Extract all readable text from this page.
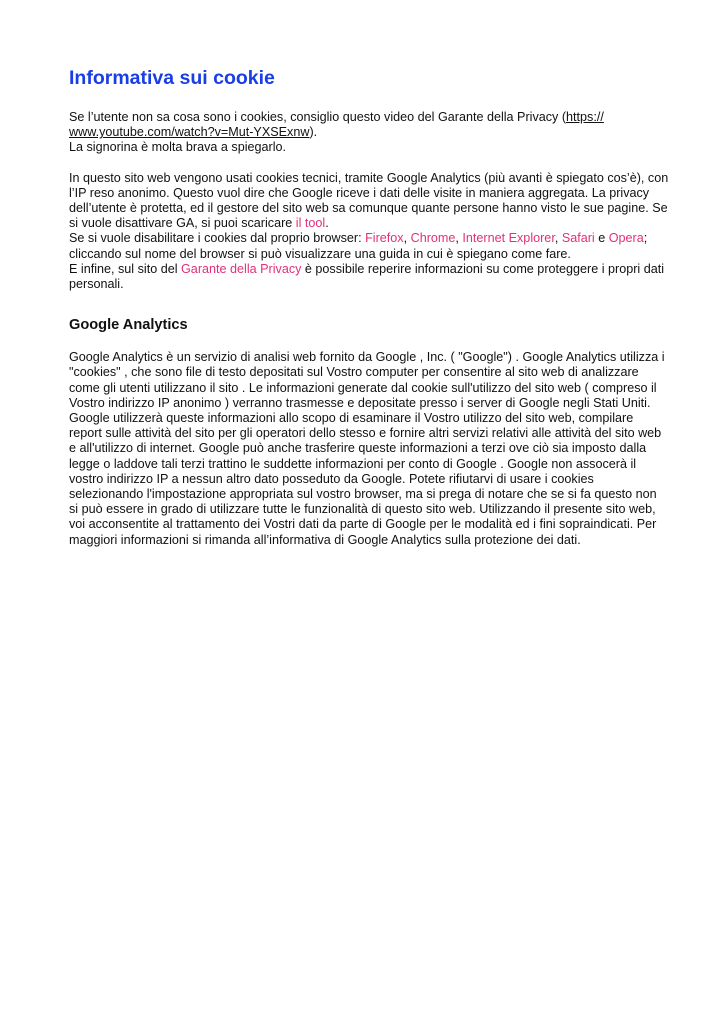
Informativa sui cookie

Se l’utente non sa cosa sono i cookies, consiglio questo video del Garante della Privacy (https:// www.youtube.com/watch?v=Mut-YXSExnw).
La signorina è molta brava a spiegarlo.

In questo sito web vengono usati cookies tecnici, tramite Google Analytics (più avanti è spiegato cos’è), con l’IP reso anonimo. Questo vuol dire che Google riceve i dati delle visite in maniera aggregata. La privacy dell’utente è protetta, ed il gestore del sito web sa comunque quante persone hanno visto le sue pagine. Se si vuole disattivare GA, si puoi scaricare il tool.
Se si vuole disabilitare i cookies dal proprio browser: Firefox, Chrome, Internet Explorer, Safari e Opera; cliccando sul nome del browser si può visualizzare una guida in cui è spiegano come fare.
E infine, sul sito del Garante della Privacy è possibile reperire informazioni su come proteggere i propri dati personali.

Google Analytics

Google Analytics è un servizio di analisi web fornito da Google , Inc. ( "Google") . Google Analytics utilizza i "cookies" , che sono file di testo depositati sul Vostro computer per consentire al sito web di analizzare come gli utenti utilizzano il sito . Le informazioni generate dal cookie sull'utilizzo del sito web ( compreso il Vostro indirizzo IP anonimo ) verranno trasmesse e depositate presso i server di Google negli Stati Uniti. Google utilizzerà queste informazioni allo scopo di esaminare il Vostro utilizzo del sito web, compilare report sulle attività del sito per gli operatori dello stesso e fornire altri servizi relativi alle attività del sito web e all'utilizzo di internet. Google può anche trasferire queste informazioni a terzi ove ciò sia imposto dalla legge o laddove tali terzi trattino le suddette informazioni per conto di Google . Google non assocerà il vostro indirizzo IP a nessun altro dato posseduto da Google. Potete rifiutarvi di usare i cookies selezionando l'impostazione appropriata sul vostro browser, ma si prega di notare che se si fa questo non si può essere in grado di utilizzare tutte le funzionalità di questo sito web. Utilizzando il presente sito web, voi acconsentite al trattamento dei Vostri dati da parte di Google per le modalità ed i fini sopraindicati. Per maggiori informazioni si rimanda all’informativa di Google Analytics sulla protezione dei dati.
